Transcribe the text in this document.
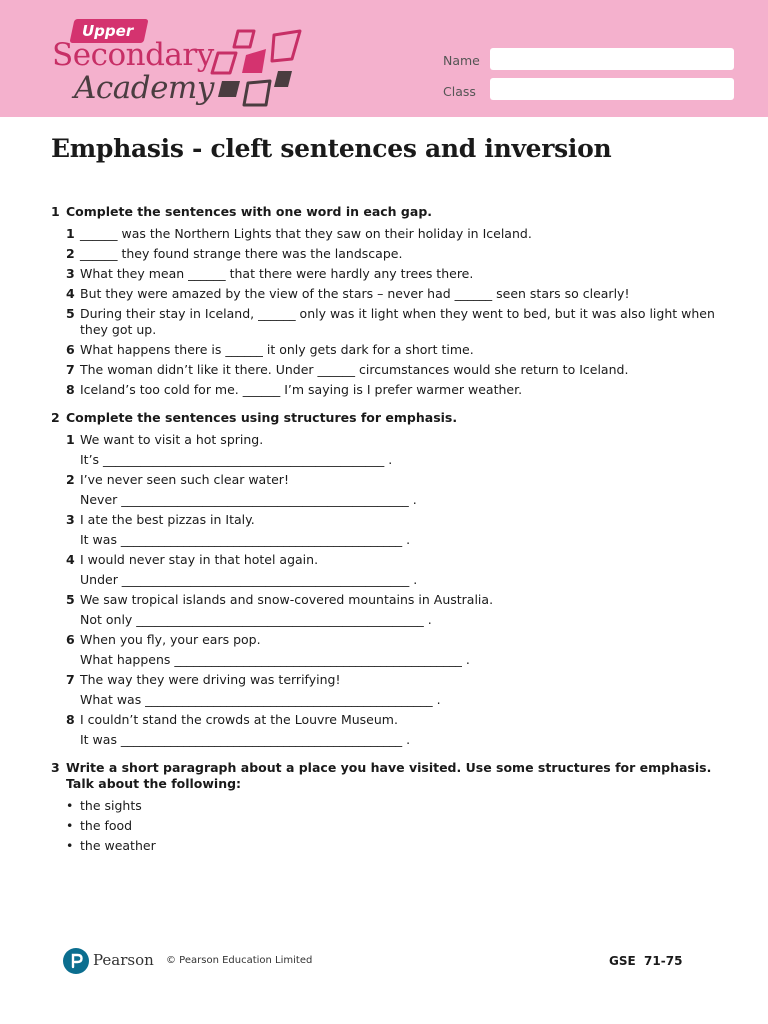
Upper
Secondary
Academy
Name
Class
Emphasis - cleft sentences and inversion
1 Complete the sentences with one word in each gap.
1 ______ was the Northern Lights that they saw on their holiday in Iceland.
2 ______ they found strange there was the landscape.
3 What they mean ______ that there were hardly any trees there.
4 But they were amazed by the view of the stars – never had ______ seen stars so clearly!
5 During their stay in Iceland, ______ only was it light when they went to bed, but it was also light when they got up.
6 What happens there is ______ it only gets dark for a short time.
7 The woman didn’t like it there. Under ______ circumstances would she return to Iceland.
8 Iceland’s too cold for me. ______ I’m saying is I prefer warmer weather.
2 Complete the sentences using structures for emphasis.
1 We want to visit a hot spring.
It’s _____________________________________________ .
2 I’ve never seen such clear water!
Never ______________________________________________ .
3 I ate the best pizzas in Italy.
It was _____________________________________________ .
4 I would never stay in that hotel again.
Under ______________________________________________ .
5 We saw tropical islands and snow-covered mountains in Australia.
Not only ______________________________________________ .
6 When you fly, your ears pop.
What happens ______________________________________________ .
7 The way they were driving was terrifying!
What was ______________________________________________ .
8 I couldn’t stand the crowds at the Louvre Museum.
It was _____________________________________________ .
3 Write a short paragraph about a place you have visited. Use some structures for emphasis. Talk about the following:
• the sights
• the food
• the weather
Pearson © Pearson Education Limited	GSE  71-75
